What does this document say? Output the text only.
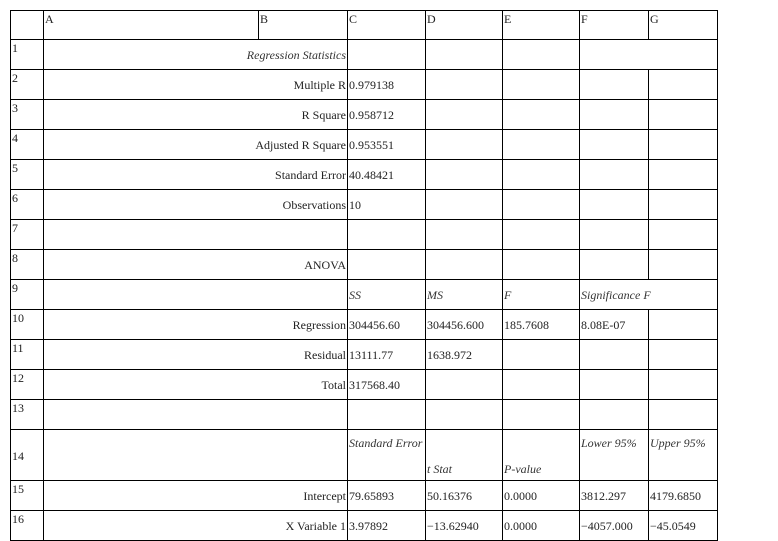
	A	B	C	D	E	F	G
1	Regression Statistics						
2	Multiple R		0.979138				
3	R Square		0.958712				
4	Adjusted R Square		0.953551				
5	Standard Error		40.48421				
6	Observations		10				
7							
8	ANOVA						
9			SS	MS	F	Significance F	
10	Regression		304456.60	304456.600	185.7608	8.08E-07	
11	Residual		13111.77	1638.972			
12	Total		317568.40				
13							
14			Standard Error	t Stat	P-value	Lower 95%	Upper 95%
15	Intercept		79.65893	50.16376	0.0000	3812.297	4179.6850
16	X Variable 1		3.97892	−13.62940	0.0000	−4057.000	−45.0549
